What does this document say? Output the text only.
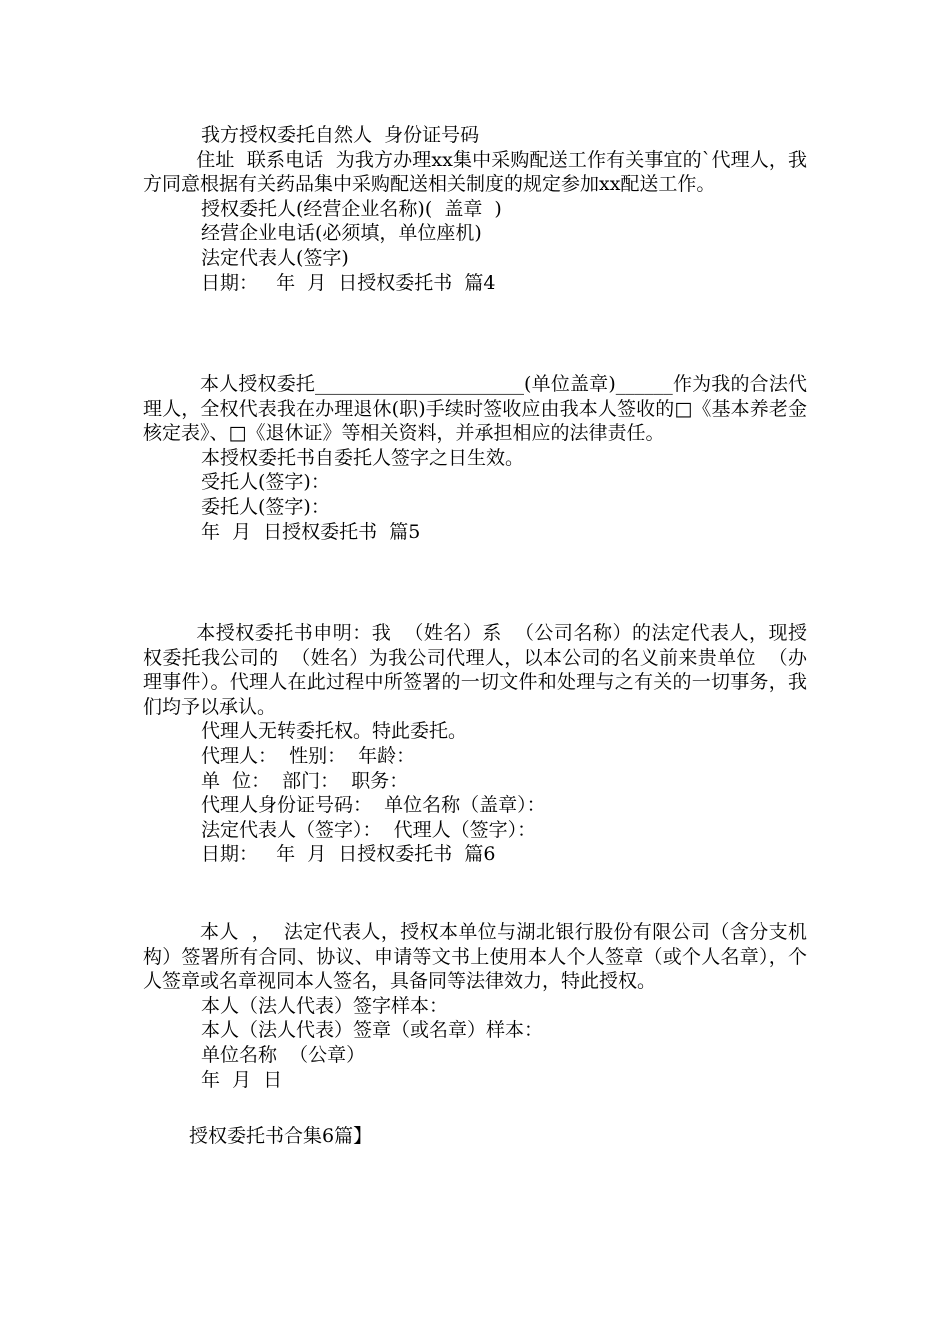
我方授权委托自然人  身份证号码

住址  联系电话  为我方办理xx集中采购配送工作有关事宜的`代理人，我方同意根据有关药品集中采购配送相关制度的规定参加xx配送工作。

授权委托人(经营企业名称)(  盖章  )

经营企业电话(必须填，单位座机)

法定代表人(签字)

日期：   年  月  日授权委托书  篇4

本人授权委托______________________(单位盖章)______作为我的合法代理人，全权代表我在办理退休(职)手续时签收应由我本人签收的□《基本养老金核定表》、□《退休证》等相关资料，并承担相应的法律责任。

本授权委托书自委托人签字之日生效。

受托人(签字)：

委托人(签字)：

年  月  日授权委托书  篇5

本授权委托书申明：我  （姓名）系  （公司名称）的法定代表人，现授权委托我公司的  （姓名）为我公司代理人，以本公司的名义前来贵单位  （办理事件）。代理人在此过程中所签署的一切文件和处理与之有关的一切事务，我们均予以承认。

代理人无转委托权。特此委托。

代理人：  性别：  年龄：

单  位：  部门：  职务：

代理人身份证号码：  单位名称（盖章）：

法定代表人（签字）：  代理人（签字）：

日期：   年  月  日授权委托书  篇6

本人  ，  法定代表人，授权本单位与湖北银行股份有限公司（含分支机构）签署所有合同、协议、申请等文书上使用本人个人签章（或个人名章），个人签章或名章视同本人签名，具备同等法律效力，特此授权。

本人（法人代表）签字样本：

本人（法人代表）签章（或名章）样本：

单位名称  （公章）

年  月  日

授权委托书合集6篇】
